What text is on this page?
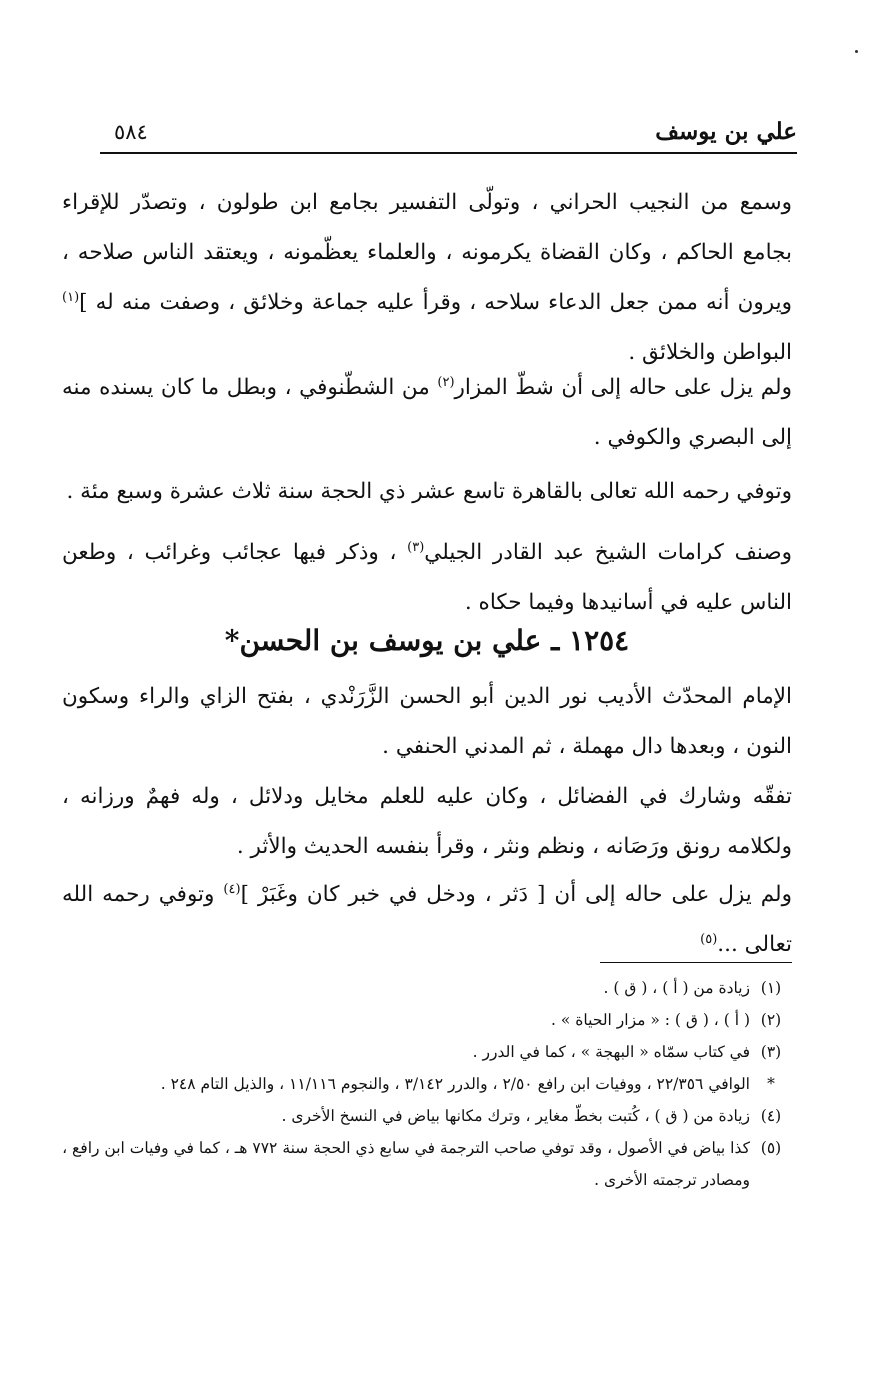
علي بن يوسف
٥٨٤

وسمع من النجيب الحراني ، وتولّى التفسير بجامع ابن طولون ، وتصدّر للإقراء بجامع الحاكم ، وكان القضاة يكرمونه ، والعلماء يعظّمونه ، ويعتقد الناس صلاحه ، ويرون أنه ممن جعل الدعاء سلاحه ، وقرأ عليه جماعة وخلائق ، وصفت منه له ]$^{(١)}$ البواطن والخلائق .

ولم يزل على حاله إلى أن شطّ المزار$^{(٢)}$ من الشطّنوفي ، وبطل ما كان يسنده منه إلى البصري والكوفي .

وتوفي رحمه الله تعالى بالقاهرة تاسع عشر ذي الحجة سنة ثلاث عشرة وسبع مئة .

وصنف كرامات الشيخ عبد القادر الجيلي$^{(٣)}$ ، وذكر فيها عجائب وغرائب ، وطعن الناس عليه في أسانيدها وفيما حكاه .

١٢٥٤ ـ علي بن يوسف بن الحسن*

الإمام المحدّث الأديب نور الدين أبو الحسن الزَّرَنْدي ، بفتح الزاي والراء وسكون النون ، وبعدها دال مهملة ، ثم المدني الحنفي .

تفقّه وشارك في الفضائل ، وكان عليه للعلم مخايل ودلائل ، وله فهمٌ ورزانه ، ولكلامه رونق ورَصَانه ، ونظم ونثر ، وقرأ بنفسه الحديث والأثر .

ولم يزل على حاله إلى أن [ دَثر ، ودخل في خبر كان وغَبَرْ ]$^{(٤)}$ وتوفي رحمه الله تعالى ...$^{(٥)}$

(١)
زيادة من ( أ ) ، ( ق ) .
(٢)
( أ ) ، ( ق ) : « مزار الحياة » .
(٣)
في كتاب سمّاه « البهجة » ، كما في الدرر .
*
الوافي ٢٢/٣٥٦ ، ووفيات ابن رافع ٢/٥٠ ، والدرر ٣/١٤٢ ، والنجوم ١١/١١٦ ، والذيل التام ٢٤٨ .
(٤)
زيادة من ( ق ) ، كُتبت بخطّ مغاير ، وترك مكانها بياض في النسخ الأخرى .
(٥)
كذا بياض في الأصول ، وقد توفي صاحب الترجمة في سابع ذي الحجة سنة ٧٧٢ هـ ، كما في وفيات ابن رافع ، ومصادر ترجمته الأخرى .
